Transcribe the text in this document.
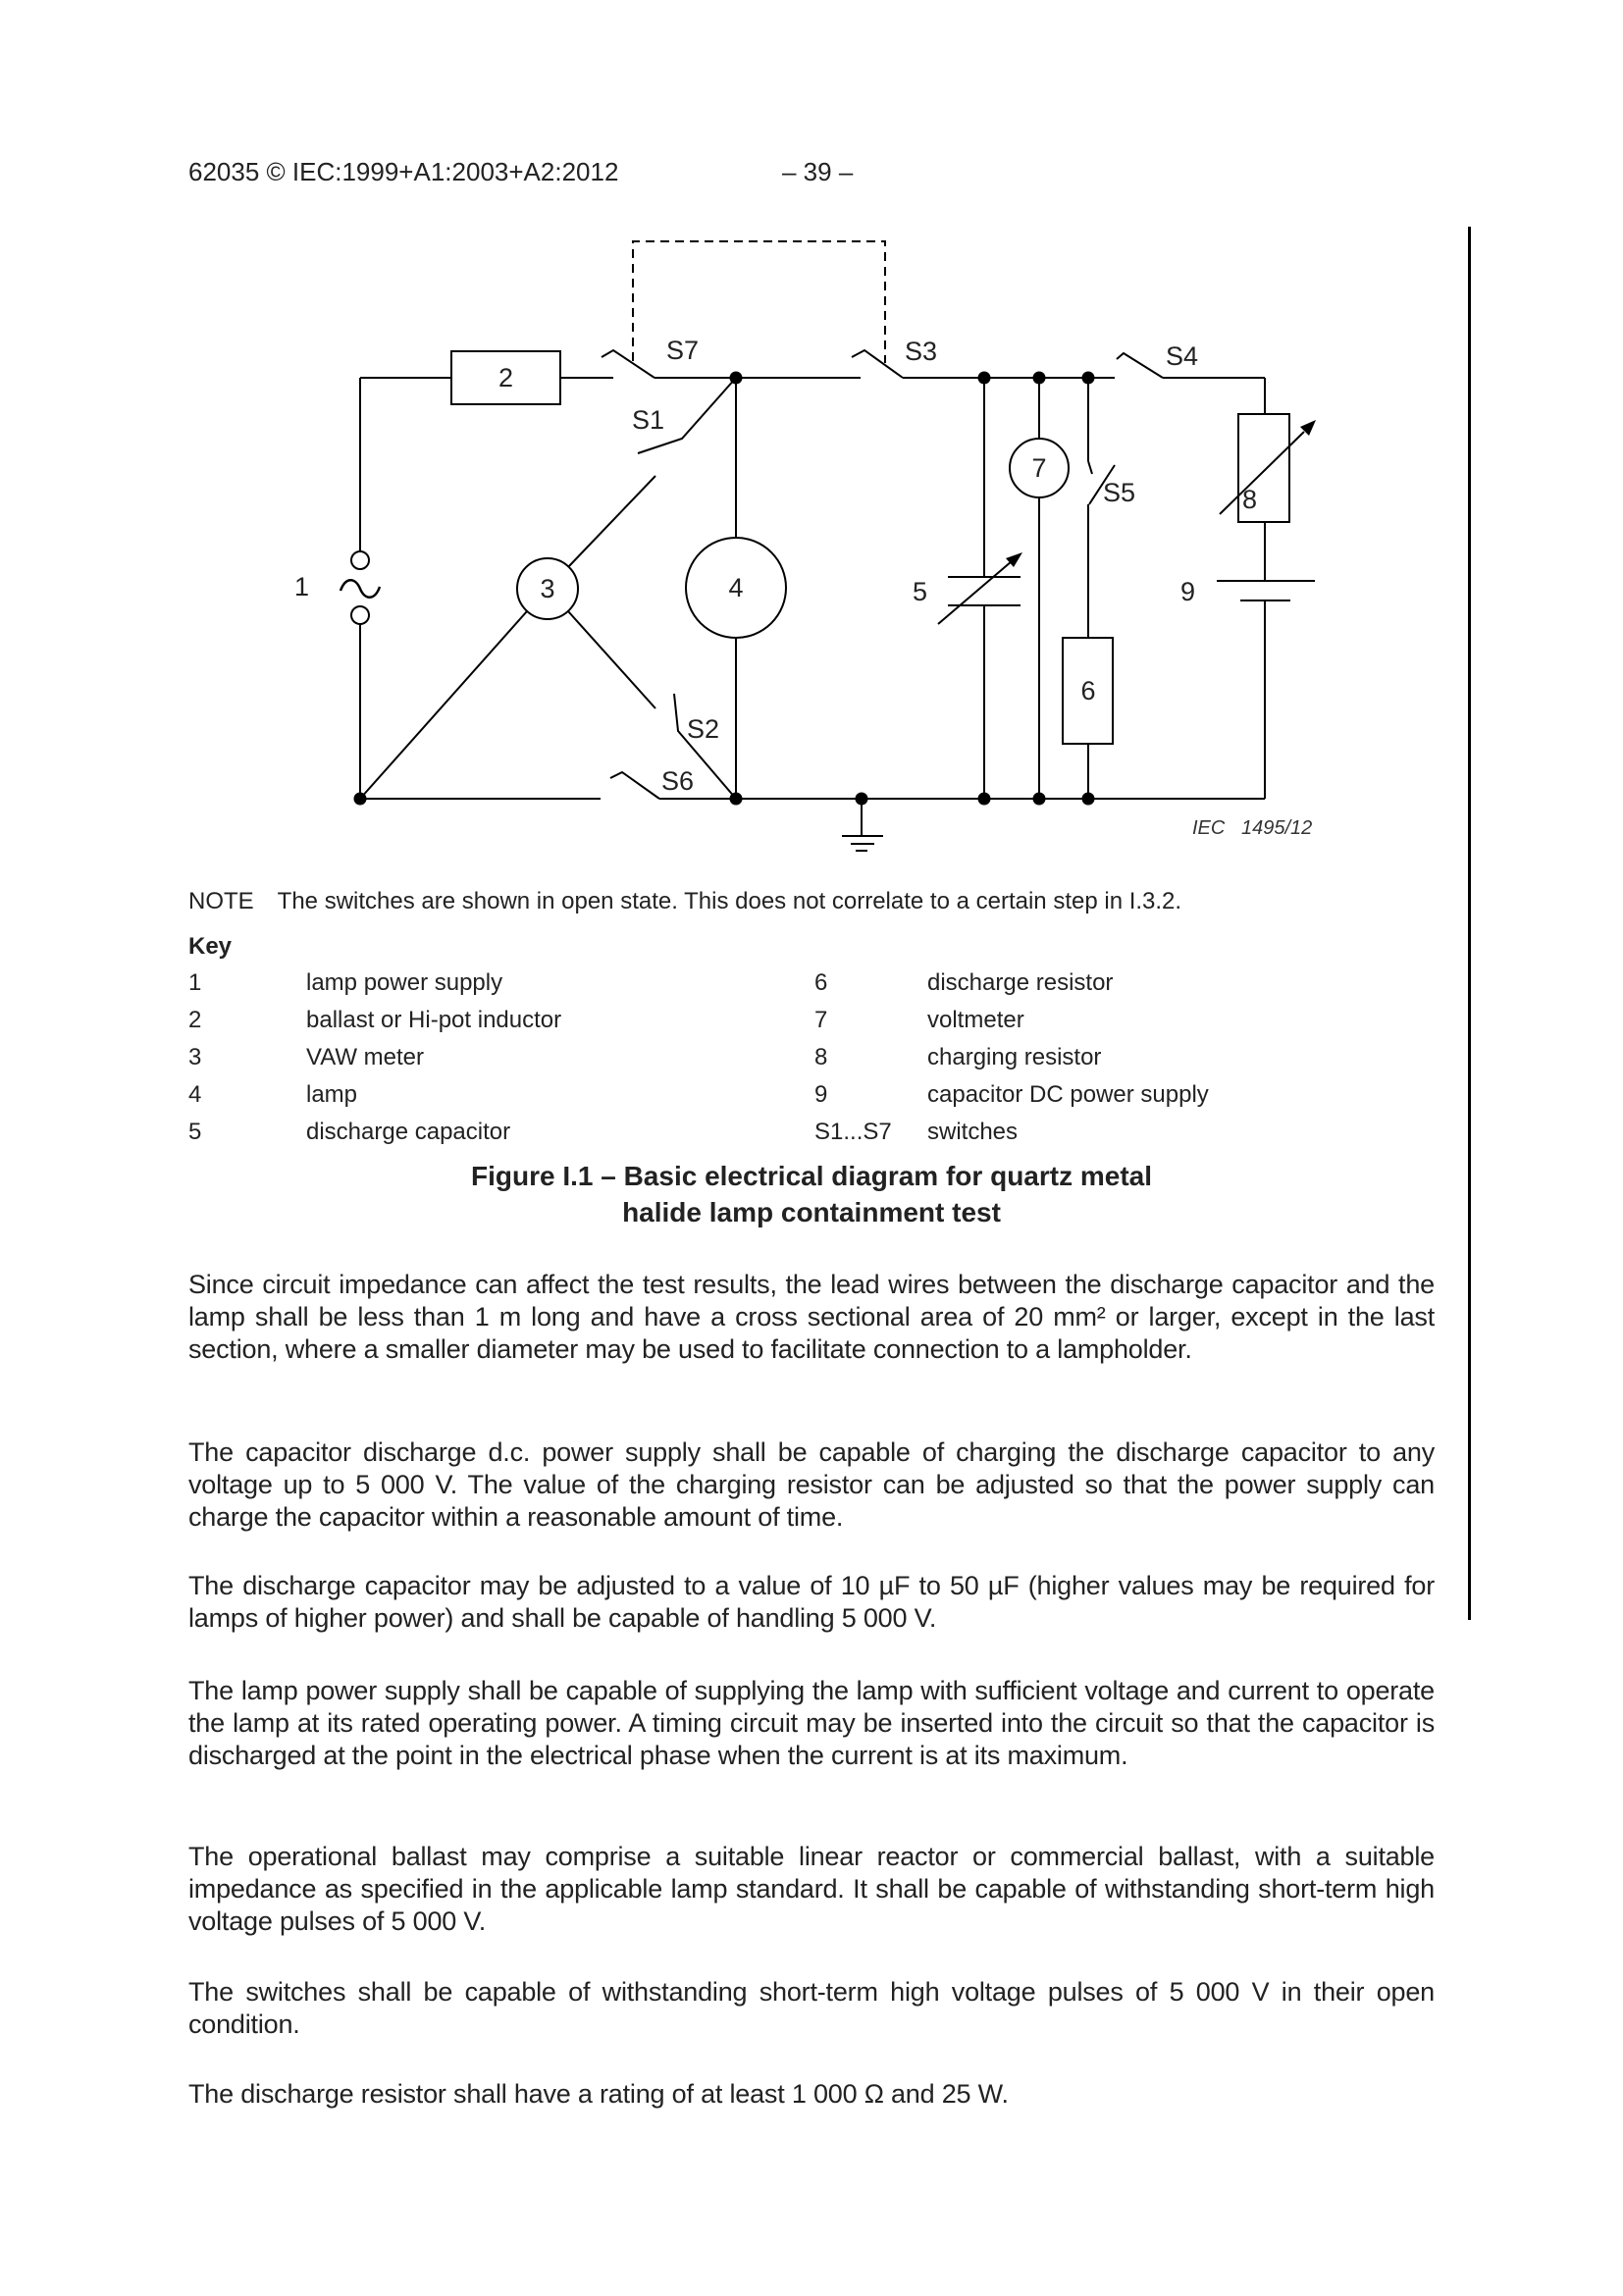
62035 © IEC:1999+A1:2003+A2:2012	– 39 –
1
2
3	4	5
6
7
8
9
S1
S2
S3	S4
S5
S6
S7
IEC   1495/12
NOTE The switches are shown in open state. This does not correlate to a certain step in I.3.2.
Key
1	lamp power supply	6	discharge resistor
2	ballast or Hi-pot inductor	7	voltmeter
3	VAW meter	8	charging resistor
4	lamp	9	capacitor DC power supply
5	discharge capacitor	S1...S7	switches
Figure I.1 – Basic electrical diagram for quartz metal
halide lamp containment test
Since circuit impedance can affect the test results, the lead wires between the discharge capacitor and the lamp shall be less than 1 m long and have a cross sectional area of 20 mm² or larger, except in the last section, where a smaller diameter may be used to facilitate connection to a lampholder.
The capacitor discharge d.c. power supply shall be capable of charging the discharge capacitor to any voltage up to 5 000 V. The value of the charging resistor can be adjusted so that the power supply can charge the capacitor within a reasonable amount of time.
The discharge capacitor may be adjusted to a value of 10 µF to 50 µF (higher values may be required for lamps of higher power) and shall be capable of handling 5 000 V.
The lamp power supply shall be capable of supplying the lamp with sufficient voltage and current to operate the lamp at its rated operating power. A timing circuit may be inserted into the circuit so that the capacitor is discharged at the point in the electrical phase when the current is at its maximum.
The operational ballast may comprise a suitable linear reactor or commercial ballast, with a suitable impedance as specified in the applicable lamp standard. It shall be capable of withstanding short-term high voltage pulses of 5 000 V.
The switches shall be capable of withstanding short-term high voltage pulses of 5 000 V in their open condition.
The discharge resistor shall have a rating of at least 1 000 Ω and 25 W.
